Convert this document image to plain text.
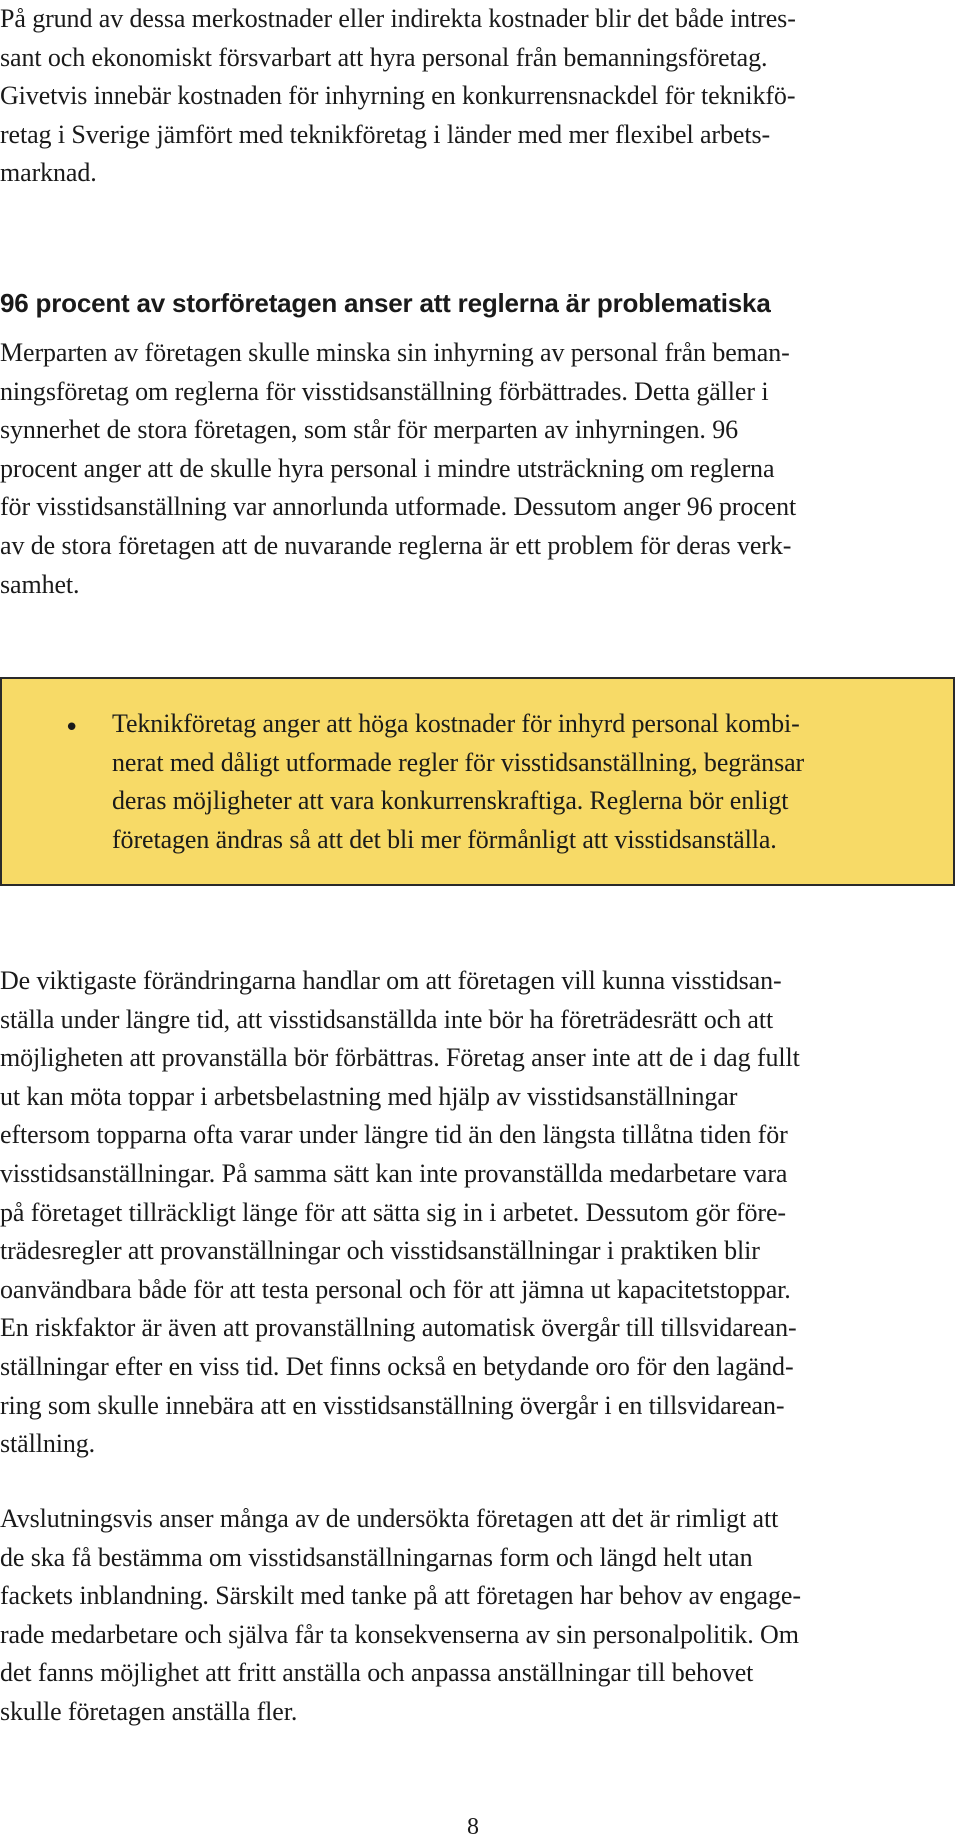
På grund av dessa merkostnader eller indirekta kostnader blir det både intres-
sant och ekonomiskt försvarbart att hyra personal från bemanningsföretag.
Givetvis innebär kostnaden för inhyrning en konkurrensnackdel för teknikfö-
retag i Sverige jämfört med teknikföretag i länder med mer flexibel arbets-
marknad.

96 procent av storföretagen anser att reglerna är problematiska

Merparten av företagen skulle minska sin inhyrning av personal från beman-
ningsföretag om reglerna för visstidsanställning förbättrades. Detta gäller i
synnerhet de stora företagen, som står för merparten av inhyrningen. 96
procent anger att de skulle hyra personal i mindre utsträckning om reglerna
för visstidsanställning var annorlunda utformade. Dessutom anger 96 procent
av de stora företagen att de nuvarande reglerna är ett problem för deras verk-
samhet.

• Teknikföretag anger att höga kostnader för inhyrd personal kombi-
nerat med dåligt utformade regler för visstidsanställning, begränsar
deras möjligheter att vara konkurrenskraftiga. Reglerna bör enligt
företagen ändras så att det bli mer förmånligt att visstidsanställa.

De viktigaste förändringarna handlar om att företagen vill kunna visstidsan-
ställa under längre tid, att visstidsanställda inte bör ha företrädesrätt och att
möjligheten att provanställa bör förbättras. Företag anser inte att de i dag fullt
ut kan möta toppar i arbetsbelastning med hjälp av visstidsanställningar
eftersom topparna ofta varar under längre tid än den längsta tillåtna tiden för
visstidsanställningar. På samma sätt kan inte provanställda medarbetare vara
på företaget tillräckligt länge för att sätta sig in i arbetet. Dessutom gör före-
trädesregler att provanställningar och visstidsanställningar i praktiken blir
oanvändbara både för att testa personal och för att jämna ut kapacitetstoppar.
En riskfaktor är även att provanställning automatisk övergår till tillsvidarean-
ställningar efter en viss tid. Det finns också en betydande oro för den lagänd-
ring som skulle innebära att en visstidsanställning övergår i en tillsvidarean-
ställning.

Avslutningsvis anser många av de undersökta företagen att det är rimligt att
de ska få bestämma om visstidsanställningarnas form och längd helt utan
fackets inblandning. Särskilt med tanke på att företagen har behov av engage-
rade medarbetare och själva får ta konsekvenserna av sin personalpolitik. Om
det fanns möjlighet att fritt anställa och anpassa anställningar till behovet
skulle företagen anställa fler.

8
